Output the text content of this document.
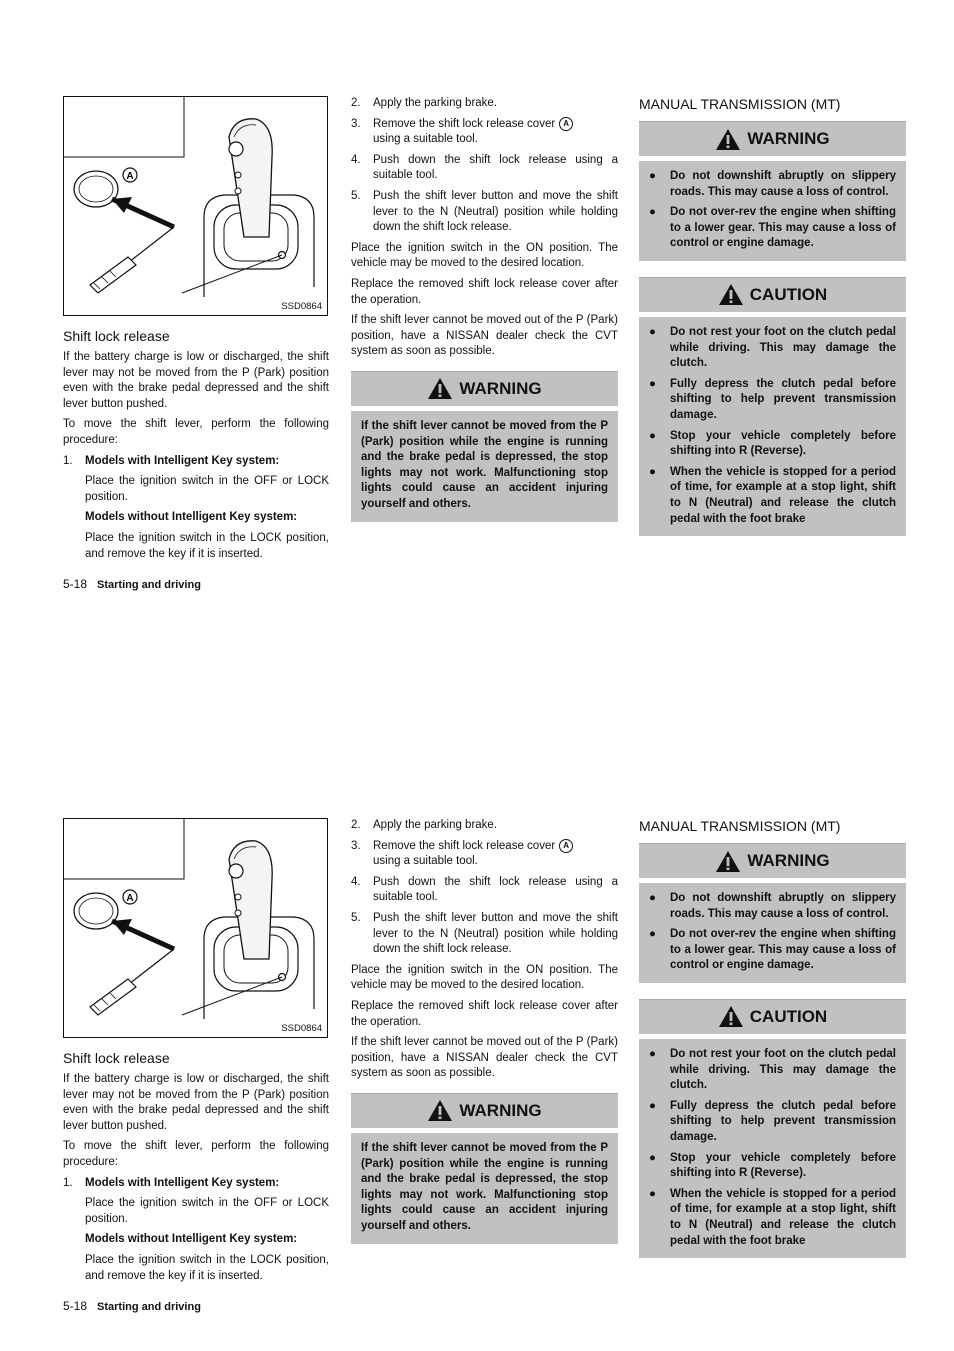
A
SSD0864
Shift lock release
If the battery charge is low or discharged, the shift lever may not be moved from the P (Park) position even with the brake pedal depressed and the shift lever button pushed.
To move the shift lever, perform the following procedure:
1.	Models with Intelligent Key system:
Place the ignition switch in the OFF or LOCK position.
Models without Intelligent Key system:
Place the ignition switch in the LOCK position, and remove the key if it is inserted.
2.	Apply the parking brake.
3.	Remove the shift lock release cover A
using a suitable tool.
4.	Push down the shift lock release using a suitable tool.
5.	Push the shift lever button and move the shift lever to the N (Neutral) position while holding down the shift lock release.
Place the ignition switch in the ON position. The vehicle may be moved to the desired location.
Replace the removed shift lock release cover after the operation.
If the shift lever cannot be moved out of the P (Park) position, have a NISSAN dealer check the CVT system as soon as possible.
WARNING
If the shift lever cannot be moved from the P (Park) position while the engine is running and the brake pedal is depressed, the stop lights may not work. Malfunctioning stop lights could cause an accident injuring yourself and others.
MANUAL TRANSMISSION (MT)
WARNING
●	Do not downshift abruptly on slippery roads. This may cause a loss of control.
●	Do not over-rev the engine when shifting to a lower gear. This may cause a loss of control or engine damage.
CAUTION
●	Do not rest your foot on the clutch pedal while driving. This may damage the clutch.
●	Fully depress the clutch pedal before shifting to help prevent transmission damage.
●	Stop your vehicle completely before shifting into R (Reverse).
●	When the vehicle is stopped for a period of time, for example at a stop light, shift to N (Neutral) and release the clutch pedal with the foot brake
5-18 Starting and driving
A
SSD0864
Shift lock release
If the battery charge is low or discharged, the shift lever may not be moved from the P (Park) position even with the brake pedal depressed and the shift lever button pushed.
To move the shift lever, perform the following procedure:
1.	Models with Intelligent Key system:
Place the ignition switch in the OFF or LOCK position.
Models without Intelligent Key system:
Place the ignition switch in the LOCK position, and remove the key if it is inserted.
2.	Apply the parking brake.
3.	Remove the shift lock release cover A
using a suitable tool.
4.	Push down the shift lock release using a suitable tool.
5.	Push the shift lever button and move the shift lever to the N (Neutral) position while holding down the shift lock release.
Place the ignition switch in the ON position. The vehicle may be moved to the desired location.
Replace the removed shift lock release cover after the operation.
If the shift lever cannot be moved out of the P (Park) position, have a NISSAN dealer check the CVT system as soon as possible.
WARNING
If the shift lever cannot be moved from the P (Park) position while the engine is running and the brake pedal is depressed, the stop lights may not work. Malfunctioning stop lights could cause an accident injuring yourself and others.
MANUAL TRANSMISSION (MT)
WARNING
●	Do not downshift abruptly on slippery roads. This may cause a loss of control.
●	Do not over-rev the engine when shifting to a lower gear. This may cause a loss of control or engine damage.
CAUTION
●	Do not rest your foot on the clutch pedal while driving. This may damage the clutch.
●	Fully depress the clutch pedal before shifting to help prevent transmission damage.
●	Stop your vehicle completely before shifting into R (Reverse).
●	When the vehicle is stopped for a period of time, for example at a stop light, shift to N (Neutral) and release the clutch pedal with the foot brake
5-18 Starting and driving
